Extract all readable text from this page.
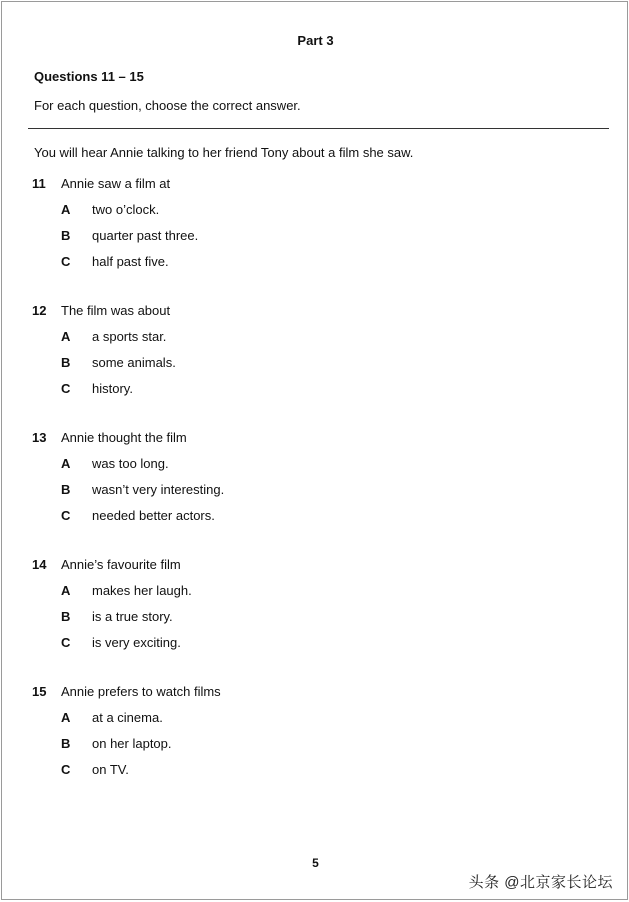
Part 3
Questions 11 – 15
For each question, choose the correct answer.
You will hear Annie talking to her friend Tony about a film she saw.
11 Annie saw a film at
A two o’clock.
B quarter past three.
C half past five.
12 The film was about
A a sports star.
B some animals.
C history.
13 Annie thought the film
A was too long.
B wasn’t very interesting.
C needed better actors.
14 Annie’s favourite film
A makes her laugh.
B is a true story.
C is very exciting.
15 Annie prefers to watch films
A at a cinema.
B on her laptop.
C on TV.
5
头条 @北京家长论坛
